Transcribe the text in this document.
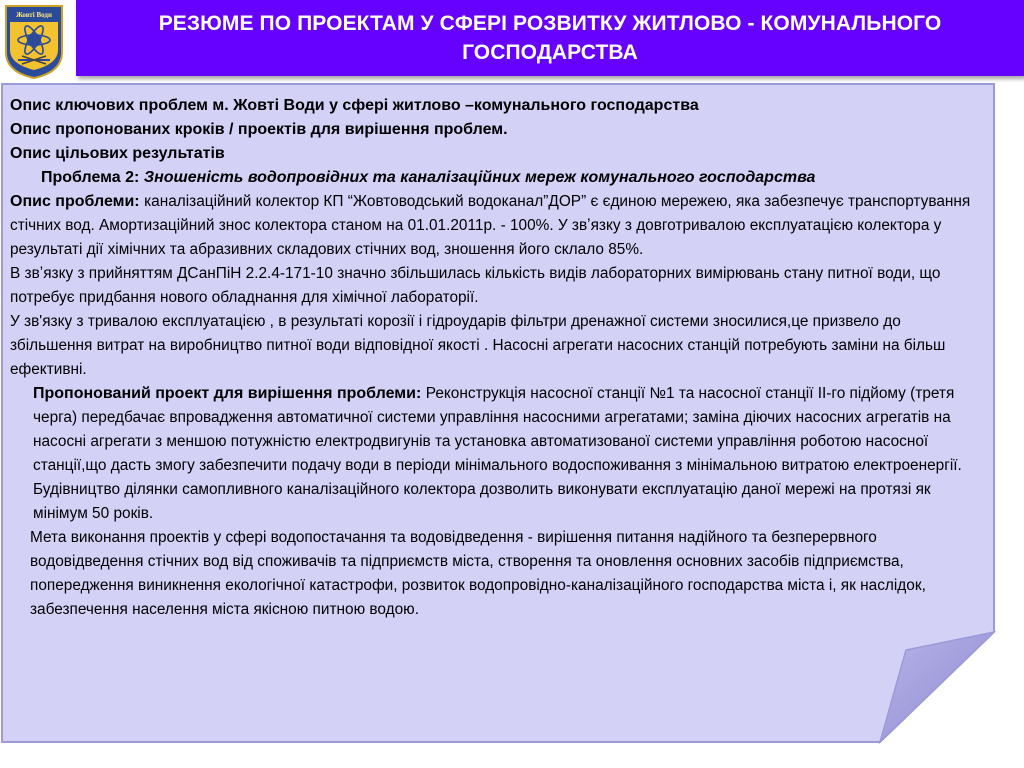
Жовті Води	РЕЗЮМЕ ПО ПРОЕКТАМ У СФЕРІ РОЗВИТКУ ЖИТЛОВО - КОМУНАЛЬНОГО ГОСПОДАРСТВА

Опис ключових проблем м. Жовті Води у сфері житлово –комунального господарства

Опис пропонованих кроків / проектів для вирішення проблем.

Опис цільових результатів

Проблема 2: Зношеність водопровідних та каналізаційних мереж комунального господарства

Опис проблеми: каналізаційний колектор КП “Жовтоводський водоканал”ДОР” є єдиною мережею, яка забезпечує транспортування стічних вод. Амортизаційний знос колектора станом на 01.01.2011р. - 100%. У звʼязку з довготривалою експлуатацією колектора у результаті дії хімічних та абразивних складових стічних вод, зношення його склало 85%.

В звʼязку з прийняттям ДСанПіН 2.2.4-171-10 значно збільшилась кількість видів лабораторних вимірювань стану питної води, що потребує придбання нового обладнання для хімічної лабораторії.

У зв'язку з тривалою експлуатацією , в результаті корозії і гідроударів фільтри дренажної системи зносилися,це призвело до збільшення витрат на виробництво питної води відповідної якості . Насосні агрегати насосних станцій потребують заміни на більш ефективні.

Пропонований проект для вирішення проблеми: Реконструкція насосної станції №1 та насосної станції ІІ-го підйому (третя черга) передбачає впровадження автоматичної системи управління насосними агрегатами; заміна діючих насосних агрегатів на насосні агрегати з меншою потужністю електродвигунів та установка автоматизованої системи управління роботою насосної станції,що дасть змогу забезпечити подачу води в періоди мінімального водоспоживання з мінімальною витратою електроенергії. Будівництво ділянки самопливного каналізаційного колектора дозволить виконувати експлуатацію даної мережі на протязі як мінімум 50 років.

Мета виконання проектів у сфері водопостачання та водовідведення - вирішення питання надійного та безперервного водовідведення стічних вод від споживачів та підприємств міста, створення та оновлення основних засобів підприємства, попередження виникнення екологічної катастрофи, розвиток водопровідно-каналізаційного господарства міста і, як наслідок, забезпечення населення міста якісною питною водою.
